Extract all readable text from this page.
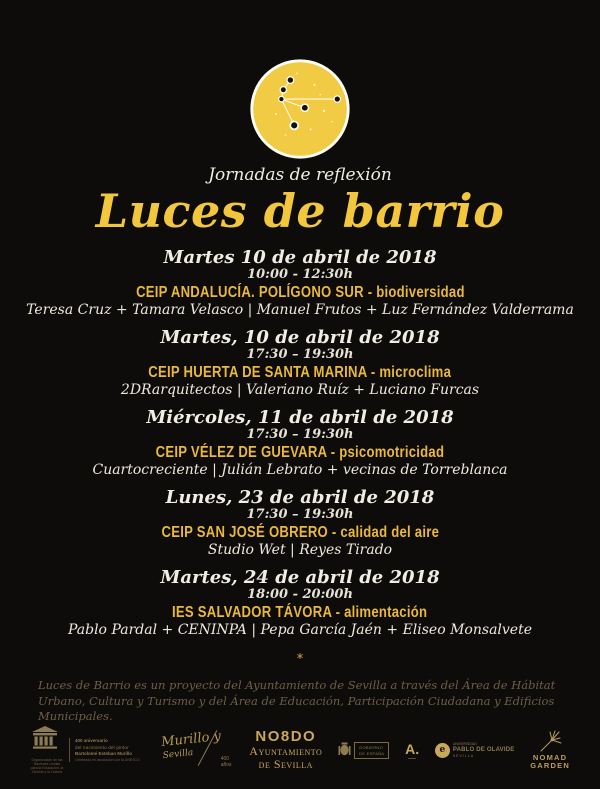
Jornadas de reflexión
Luces de barrio
Martes 10 de abril de 2018
10:00 - 12:30h
CEIP ANDALUCÍA. POLÍGONO SUR - biodiversidad
Teresa Cruz + Tamara Velasco | Manuel Frutos + Luz Fernández Valderrama
Martes, 10 de abril de 2018
17:30 – 19:30h
CEIP HUERTA DE SANTA MARINA - microclima
2DRarquitectos | Valeriano Ruíz + Luciano Furcas
Miércoles, 11 de abril de 2018
17:30 – 19:30h
CEIP VÉLEZ DE GUEVARA - psicomotricidad
Cuartocreciente | Julián Lebrato + vecinas de Torreblanca
Lunes, 23 de abril de 2018
17:30 – 19:30h
CEIP SAN JOSÉ OBRERO - calidad del aire
Studio Wet | Reyes Tirado
Martes, 24 de abril de 2018
18:00 - 20:00h
IES SALVADOR TÁVORA - alimentación
Pablo Pardal + CENINPA | Pepa García Jaén + Eliseo Monsalvete
*
Luces de Barrio es un proyecto del Ayuntamiento de Sevilla a través del Área de Hábitat Urbano, Cultura y Turismo y del Área de Educación, Participación Ciudadana y Edificios Municipales.
Organización de las Naciones Unidas para la Educación, la Ciencia y la Cultura
400 aniversario
del nacimiento del pintor
Bartolomé Esteban Murillo
Celebrado en asociación con la UNESCO
Murillo y
Sevilla	400
años
NO8DO
Ayuntamiento
de Sevilla
GOBIERNO
DE ESPAÑA A.	e
UNIVERSIDAD
PABLO DE OLAVIDE
SEVILLA	NOMAD
GARDEN
